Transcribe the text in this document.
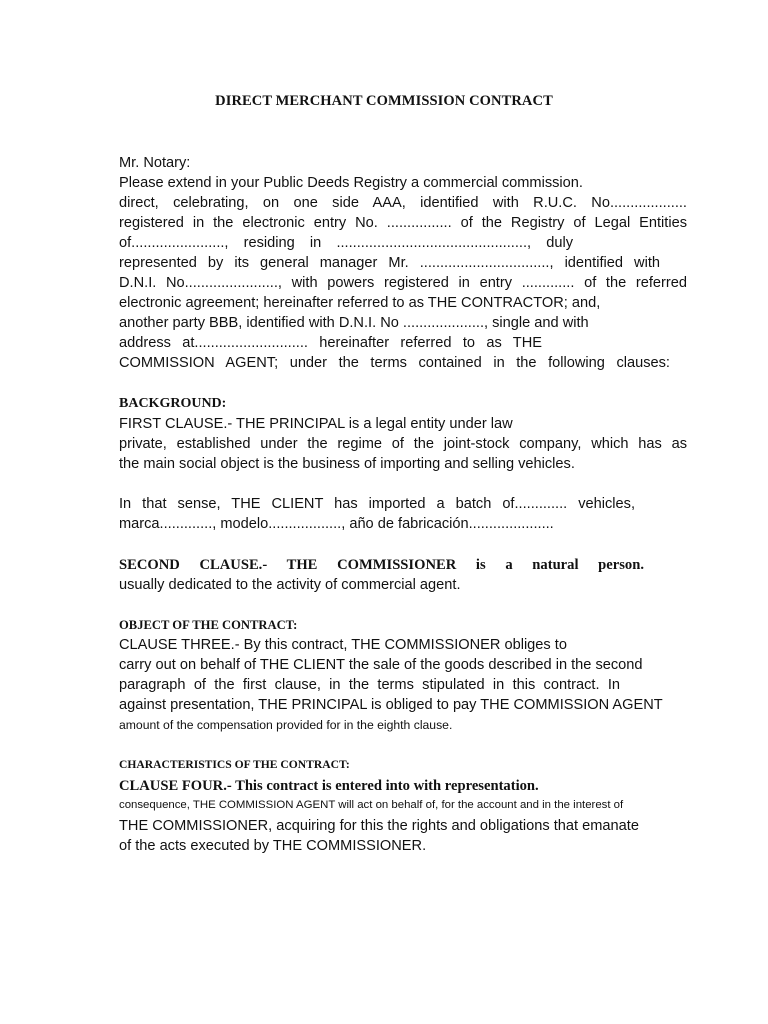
DIRECT MERCHANT COMMISSION CONTRACT
Mr. Notary:
Please extend in your Public Deeds Registry a commercial commission.
direct, celebrating, on one side AAA, identified with R.U.C. No...................
registered in the electronic entry No. ................ of the Registry of Legal Entities
of......................., residing in ..............................................., duly
represented by its general manager Mr. ................................, identified with
D.N.I. No......................., with powers registered in entry ............. of the referred
electronic agreement; hereinafter referred to as THE CONTRACTOR; and,
another party BBB, identified with D.N.I. No ...................., single and with
address at............................ hereinafter referred to as THE
COMMISSION AGENT; under the terms contained in the following clauses:
BACKGROUND:
FIRST CLAUSE.- THE PRINCIPAL is a legal entity under law
private, established under the regime of the joint-stock company, which has as
the main social object is the business of importing and selling vehicles.
In that sense, THE CLIENT has imported a batch of............. vehicles,
marca............., modelo.................., año de fabricación.....................
SECOND CLAUSE.- THE COMMISSIONER is a natural person.
usually dedicated to the activity of commercial agent.
OBJECT OF THE CONTRACT:
CLAUSE THREE.- By this contract, THE COMMISSIONER obliges to
carry out on behalf of THE CLIENT the sale of the goods described in the second
paragraph of the first clause, in the terms stipulated in this contract. In
against presentation, THE PRINCIPAL is obliged to pay THE COMMISSION AGENT
amount of the compensation provided for in the eighth clause.
CHARACTERISTICS OF THE CONTRACT:
CLAUSE FOUR.- This contract is entered into with representation.
consequence, THE COMMISSION AGENT will act on behalf of, for the account and in the interest of
THE COMMISSIONER, acquiring for this the rights and obligations that emanate
of the acts executed by THE COMMISSIONER.
